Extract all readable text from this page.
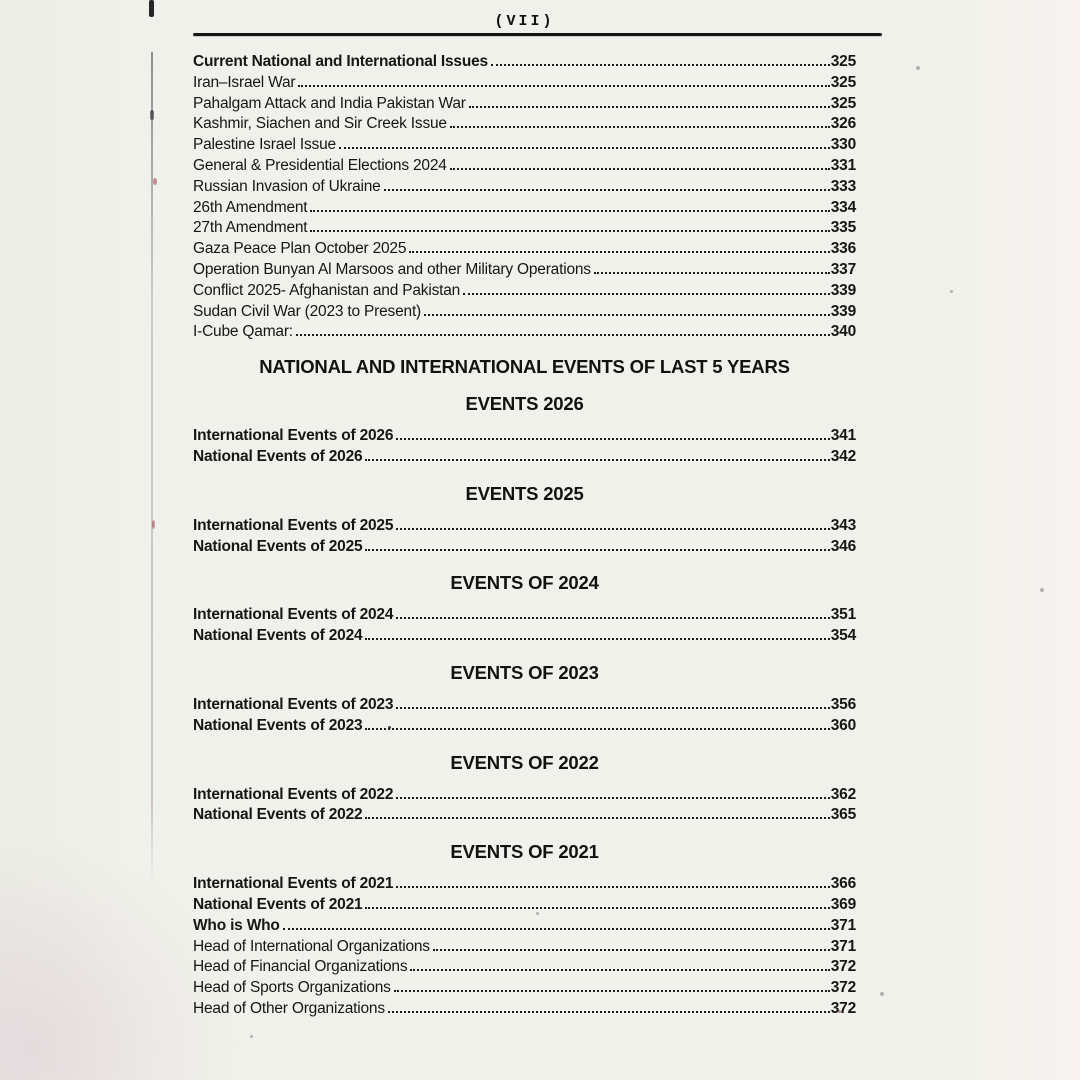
(VII)
Current National and International Issues	325
Iran–Israel War	325
Pahalgam Attack and India Pakistan War	325
Kashmir, Siachen and Sir Creek Issue	326
Palestine Israel Issue	330
General & Presidential Elections 2024	331
Russian Invasion of Ukraine	333
26th Amendment	334
27th Amendment	335
Gaza Peace Plan October 2025	336
Operation Bunyan Al Marsoos and other Military Operations	337
Conflict 2025- Afghanistan and Pakistan	339
Sudan Civil War (2023 to Present)	339
I-Cube Qamar:	340
NATIONAL AND INTERNATIONAL EVENTS OF LAST 5 YEARS
EVENTS 2026
International Events of 2026	341
National Events of 2026	342
EVENTS 2025
International Events of 2025	343
National Events of 2025	346
EVENTS OF 2024
International Events of 2024	351
National Events of 2024	354
EVENTS OF 2023
International Events of 2023	356
National Events of 2023	360
EVENTS OF 2022
International Events of 2022	362
National Events of 2022	365
EVENTS OF 2021
International Events of 2021	366
National Events of 2021	369
Who is Who	371
Head of International Organizations	371
Head of Financial Organizations	372
Head of Sports Organizations	372
Head of Other Organizations	372
